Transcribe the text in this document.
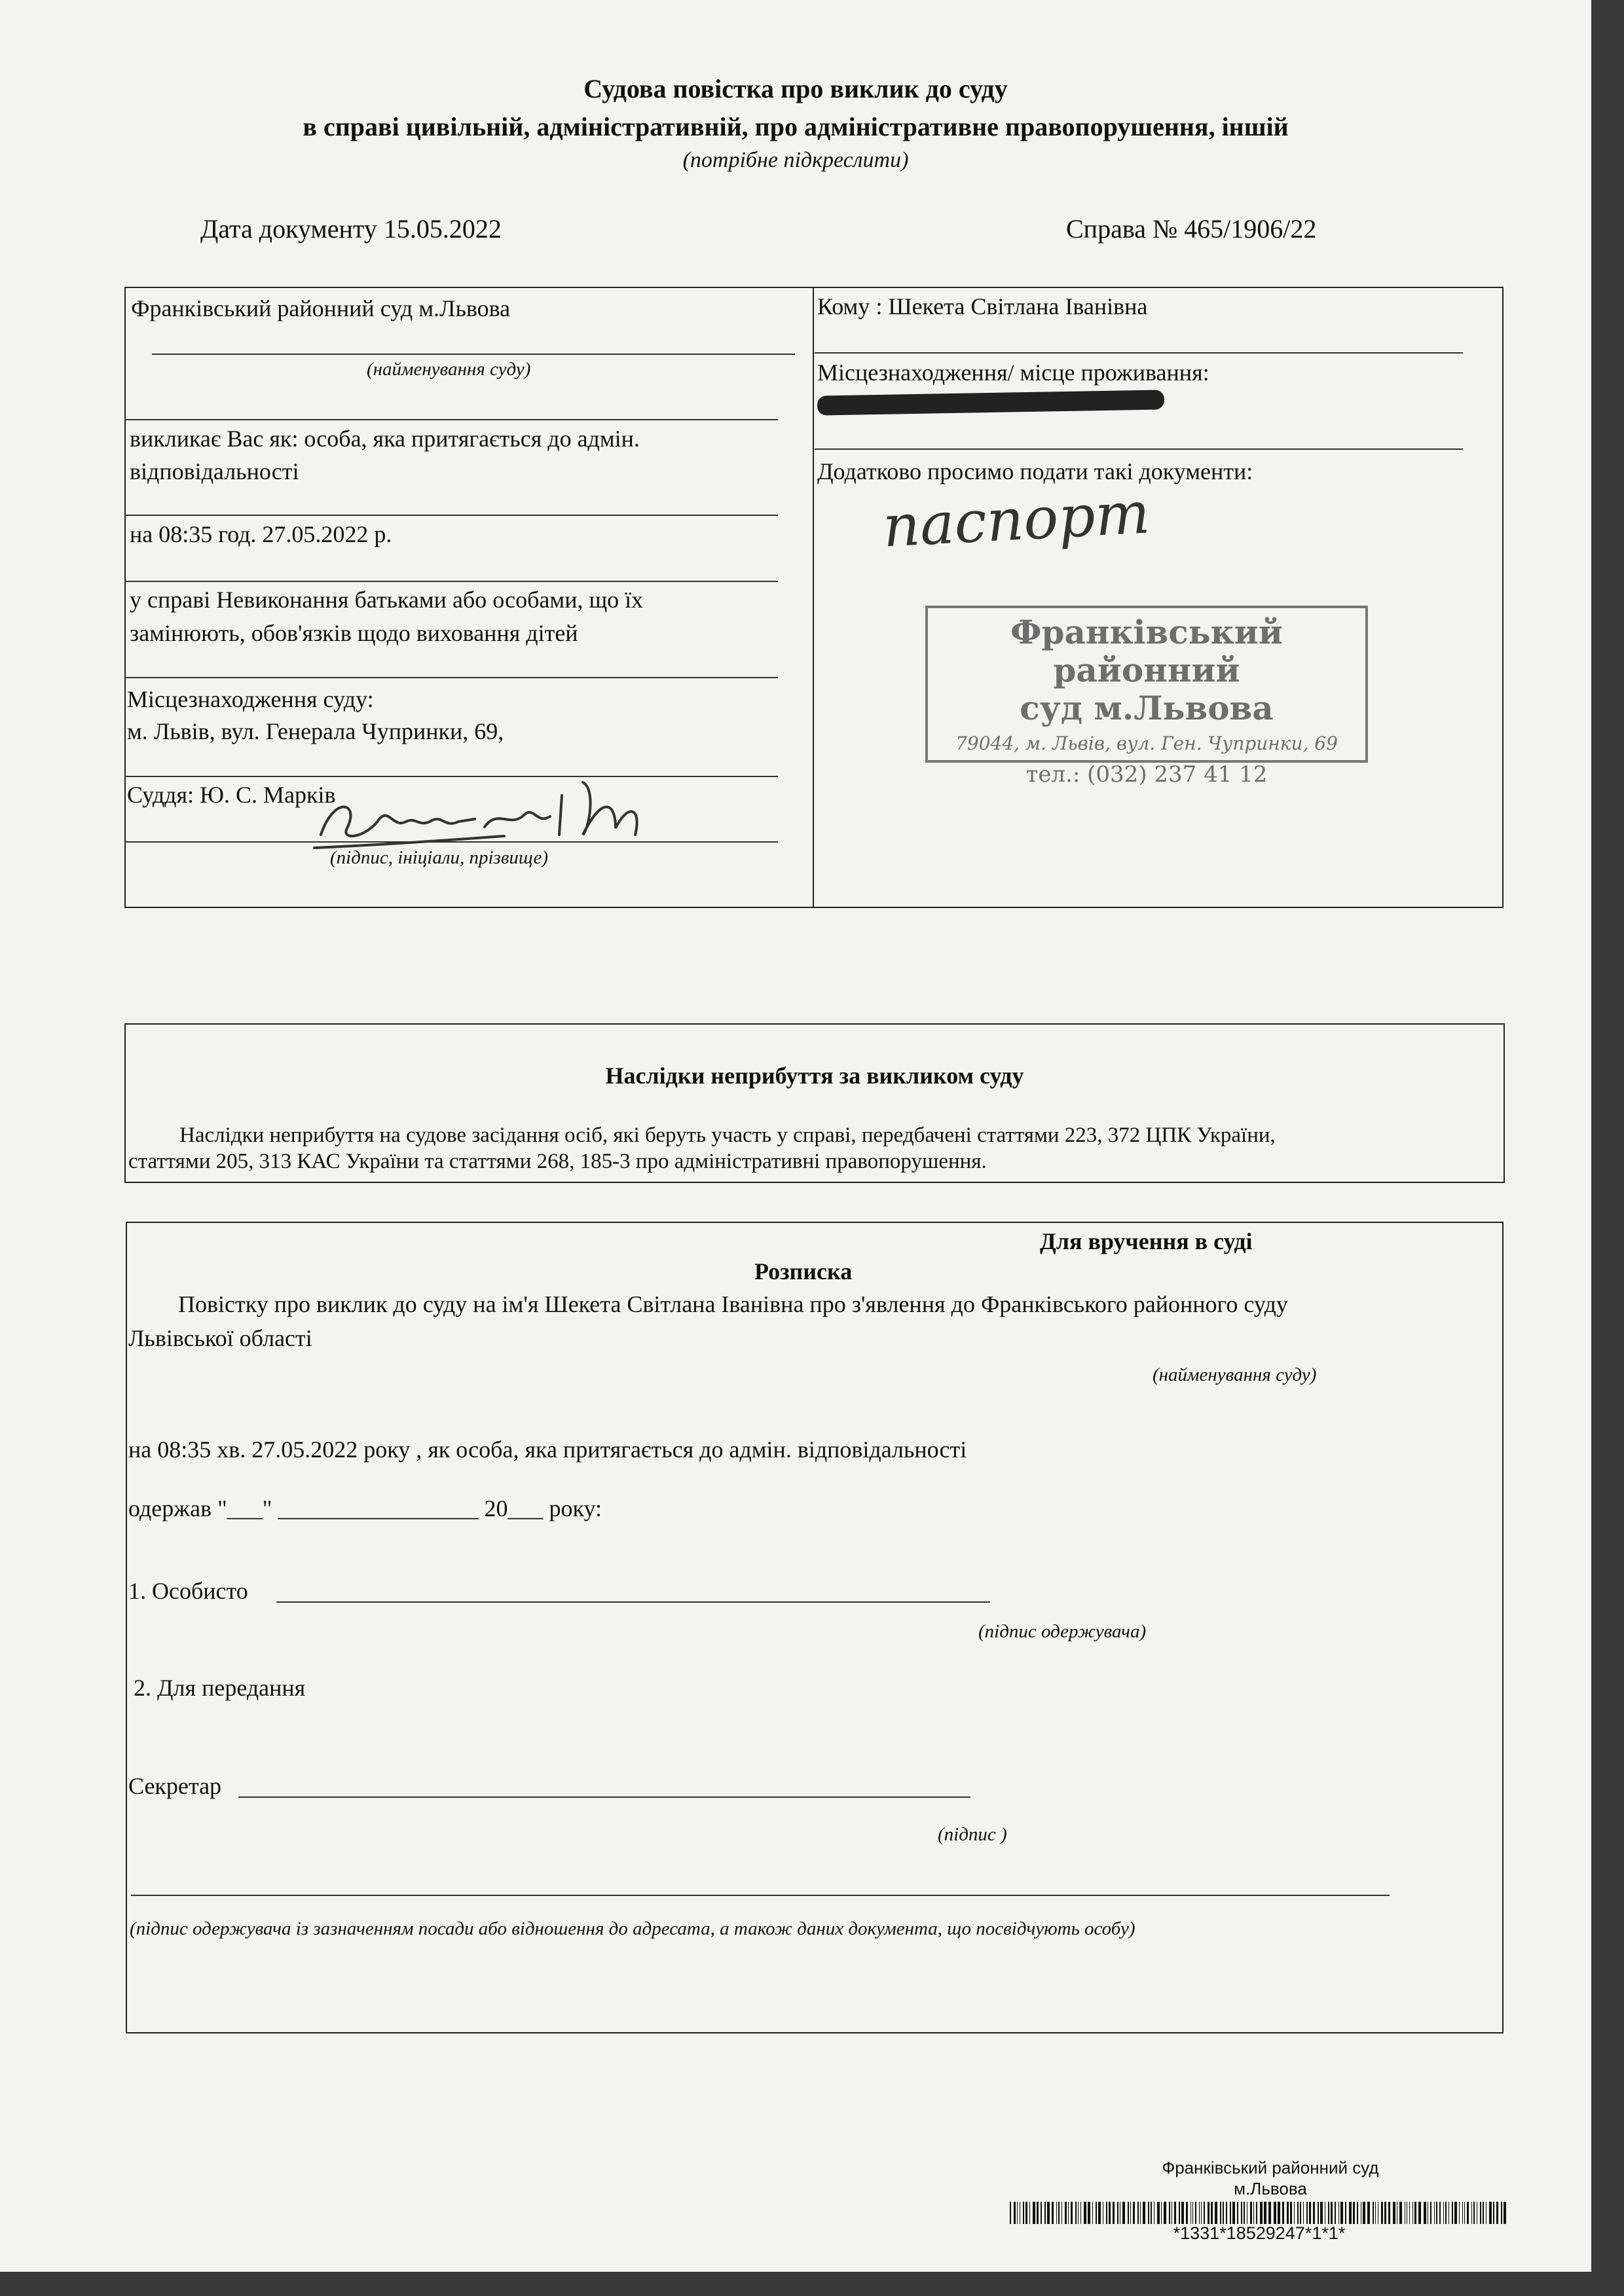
Судова повістка про виклик до суду
в справі цивільній, адміністративній, про адміністративне правопорушення, іншій
(потрібне підкреслити)
Дата документу 15.05.2022	Справа № 465/1906/22
Франківський районний суд м.Львова
(найменування суду)
викликає Вас як: особа, яка притягається до адмін.
відповідальності
на 08:35 год. 27.05.2022 р.
у справі Невиконання батьками або особами, що їх
замінюють, обов'язків щодо виховання дітей
Місцезнаходження суду:
м. Львів, вул. Генерала Чупринки, 69,
Суддя: Ю. С. Марків
(підпис, ініціали, прізвище)
Кому : Шекета Світлана Іванівна
Місцезнаходження/ місце проживання:
Додатково просимо подати такі документи:
паспорт
Франківський районний
суд м.Львова
79044, м. Львів, вул. Ген. Чупринки, 69
тел.: (032) 237 41 12
Наслідки неприбуття за викликом суду
Наслідки неприбуття на судове засідання осіб, які беруть участь у справі, передбачені статтями 223, 372 ЦПК України,
статтями 205, 313 КАС України та статтями 268, 185-3 про адміністративні правопорушення.
Для вручення в суді
Розписка
Повістку про виклик до суду на ім'я Шекета Світлана Іванівна про з'явлення до Франківського районного суду
Львівської області
(найменування суду)
на 08:35 хв. 27.05.2022 року , як особа, яка притягається до адмін. відповідальності
одержав "___" _________________ 20___ року:
1. Особисто
(підпис одержувача)
2. Для передання
Секретар
(підпис )
(підпис одержувача із зазначенням посади або відношення до адресата, а також даних документа, що посвідчують особу)
Франківський районний суд
м.Львова
*1331*18529247*1*1*
